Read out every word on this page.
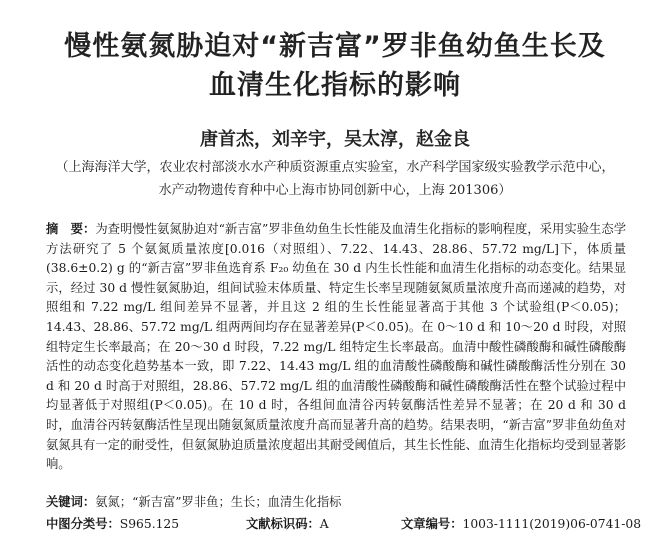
慢性氨氮胁迫对“新吉富”罗非鱼幼鱼生长及
血清生化指标的影响
唐首杰，刘辛宇，吴太淳，赵金良
（上海海洋大学，农业农村部淡水水产种质资源重点实验室，水产科学国家级实验教学示范中心，
水产动物遗传育种中心上海市协同创新中心，上海 201306）
摘　要：为查明慢性氨氮胁迫对“新吉富”罗非鱼幼鱼生长性能及血清生化指标的影响程度，采用实验生态学方法研究了 5 个氨氮质量浓度[0.016（对照组）、7.22、14.43、28.86、57.72 mg/L]下，体质量(38.6±0.2) g 的“新吉富”罗非鱼选育系 F₂₀ 幼鱼在 30 d 内生长性能和血清生化指标的动态变化。结果显示，经过 30 d 慢性氨氮胁迫，组间试验末体质量、特定生长率呈现随氨氮质量浓度升高而递减的趋势，对照组和 7.22 mg/L 组间差异不显著，并且这 2 组的生长性能显著高于其他 3 个试验组(P＜0.05)；14.43、28.86、57.72 mg/L 组两两间均存在显著差异(P＜0.05)。在 0～10 d 和 10～20 d 时段，对照组特定生长率最高；在 20～30 d 时段，7.22 mg/L 组特定生长率最高。血清中酸性磷酸酶和碱性磷酸酶活性的动态变化趋势基本一致，即 7.22、14.43 mg/L 组的血清酸性磷酸酶和碱性磷酸酶活性分别在 30 d 和 20 d 时高于对照组，28.86、57.72 mg/L 组的血清酸性磷酸酶和碱性磷酸酶活性在整个试验过程中均显著低于对照组(P＜0.05)。在 10 d 时，各组间血清谷丙转氨酶活性差异不显著；在 20 d 和 30 d 时，血清谷丙转氨酶活性呈现出随氨氮质量浓度升高而显著升高的趋势。结果表明，“新吉富”罗非鱼幼鱼对氨氮具有一定的耐受性，但氨氮胁迫质量浓度超出其耐受阈值后，其生长性能、血清生化指标均受到显著影响。
关键词：氨氮；“新吉富”罗非鱼；生长；血清生化指标
中图分类号：S965.125	文献标识码：A	文章编号：1003-1111(2019)06-0741-08
